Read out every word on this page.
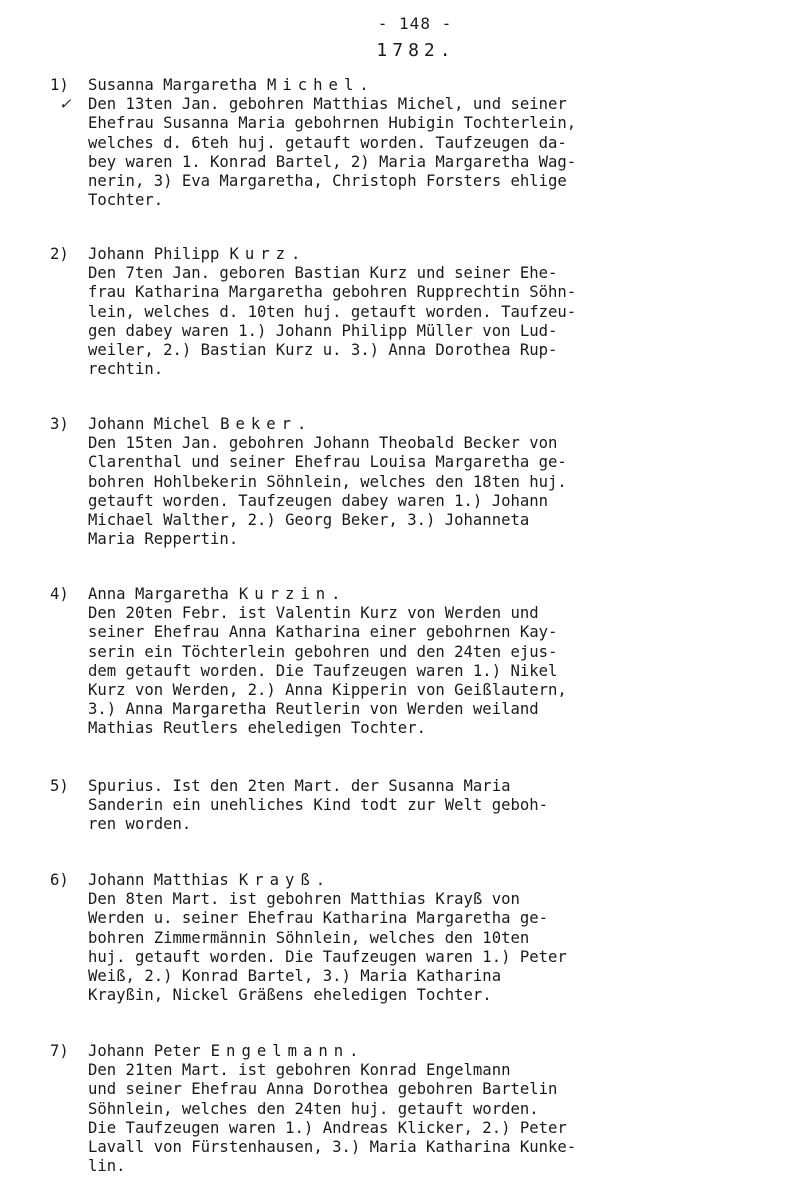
- 148 -
1782.
1)
✓
Susanna Margaretha Michel.
Den 13ten Jan. gebohren Matthias Michel, und seiner
Ehefrau Susanna Maria gebohrnen Hubigin Tochterlein,
welches d. 6teh huj. getauft worden. Taufzeugen da-
bey waren 1. Konrad Bartel, 2) Maria Margaretha Wag-
nerin, 3) Eva Margaretha, Christoph Forsters ehlige
Tochter.
2)	Johann Philipp Kurz.
Den 7ten Jan. geboren Bastian Kurz und seiner Ehe-
frau Katharina Margaretha gebohren Rupprechtin Söhn-
lein, welches d. 10ten huj. getauft worden. Taufzeu-
gen dabey waren 1.) Johann Philipp Müller von Lud-
weiler, 2.) Bastian Kurz u. 3.) Anna Dorothea Rup-
rechtin.
3)	Johann Michel Beker.
Den 15ten Jan. gebohren Johann Theobald Becker von
Clarenthal und seiner Ehefrau Louisa Margaretha ge-
bohren Hohlbekerin Söhnlein, welches den 18ten huj.
getauft worden. Taufzeugen dabey waren 1.) Johann
Michael Walther, 2.) Georg Beker, 3.) Johanneta
Maria Reppertin.
4)	Anna Margaretha Kurzin.
Den 20ten Febr. ist Valentin Kurz von Werden und
seiner Ehefrau Anna Katharina einer gebohrnen Kay-
serin ein Töchterlein gebohren und den 24ten ejus-
dem getauft worden. Die Taufzeugen waren 1.) Nikel
Kurz von Werden, 2.) Anna Kipperin von Geißlautern,
3.) Anna Margaretha Reutlerin von Werden weiland
Mathias Reutlers eheledigen Tochter.
5)	Spurius. Ist den 2ten Mart. der Susanna Maria
Sanderin ein unehliches Kind todt zur Welt geboh-
ren worden.
6)	Johann Matthias Krayß.
Den 8ten Mart. ist gebohren Matthias Krayß von
Werden u. seiner Ehefrau Katharina Margaretha ge-
bohren Zimmermännin Söhnlein, welches den 10ten
huj. getauft worden. Die Taufzeugen waren 1.) Peter
Weiß, 2.) Konrad Bartel, 3.) Maria Katharina
Krayßin, Nickel Gräßens eheledigen Tochter.
7)	Johann Peter Engelmann.
Den 21ten Mart. ist gebohren Konrad Engelmann
und seiner Ehefrau Anna Dorothea gebohren Bartelin
Söhnlein, welches den 24ten huj. getauft worden.
Die Taufzeugen waren 1.) Andreas Klicker, 2.) Peter
Lavall von Fürstenhausen, 3.) Maria Katharina Kunke-
lin.
